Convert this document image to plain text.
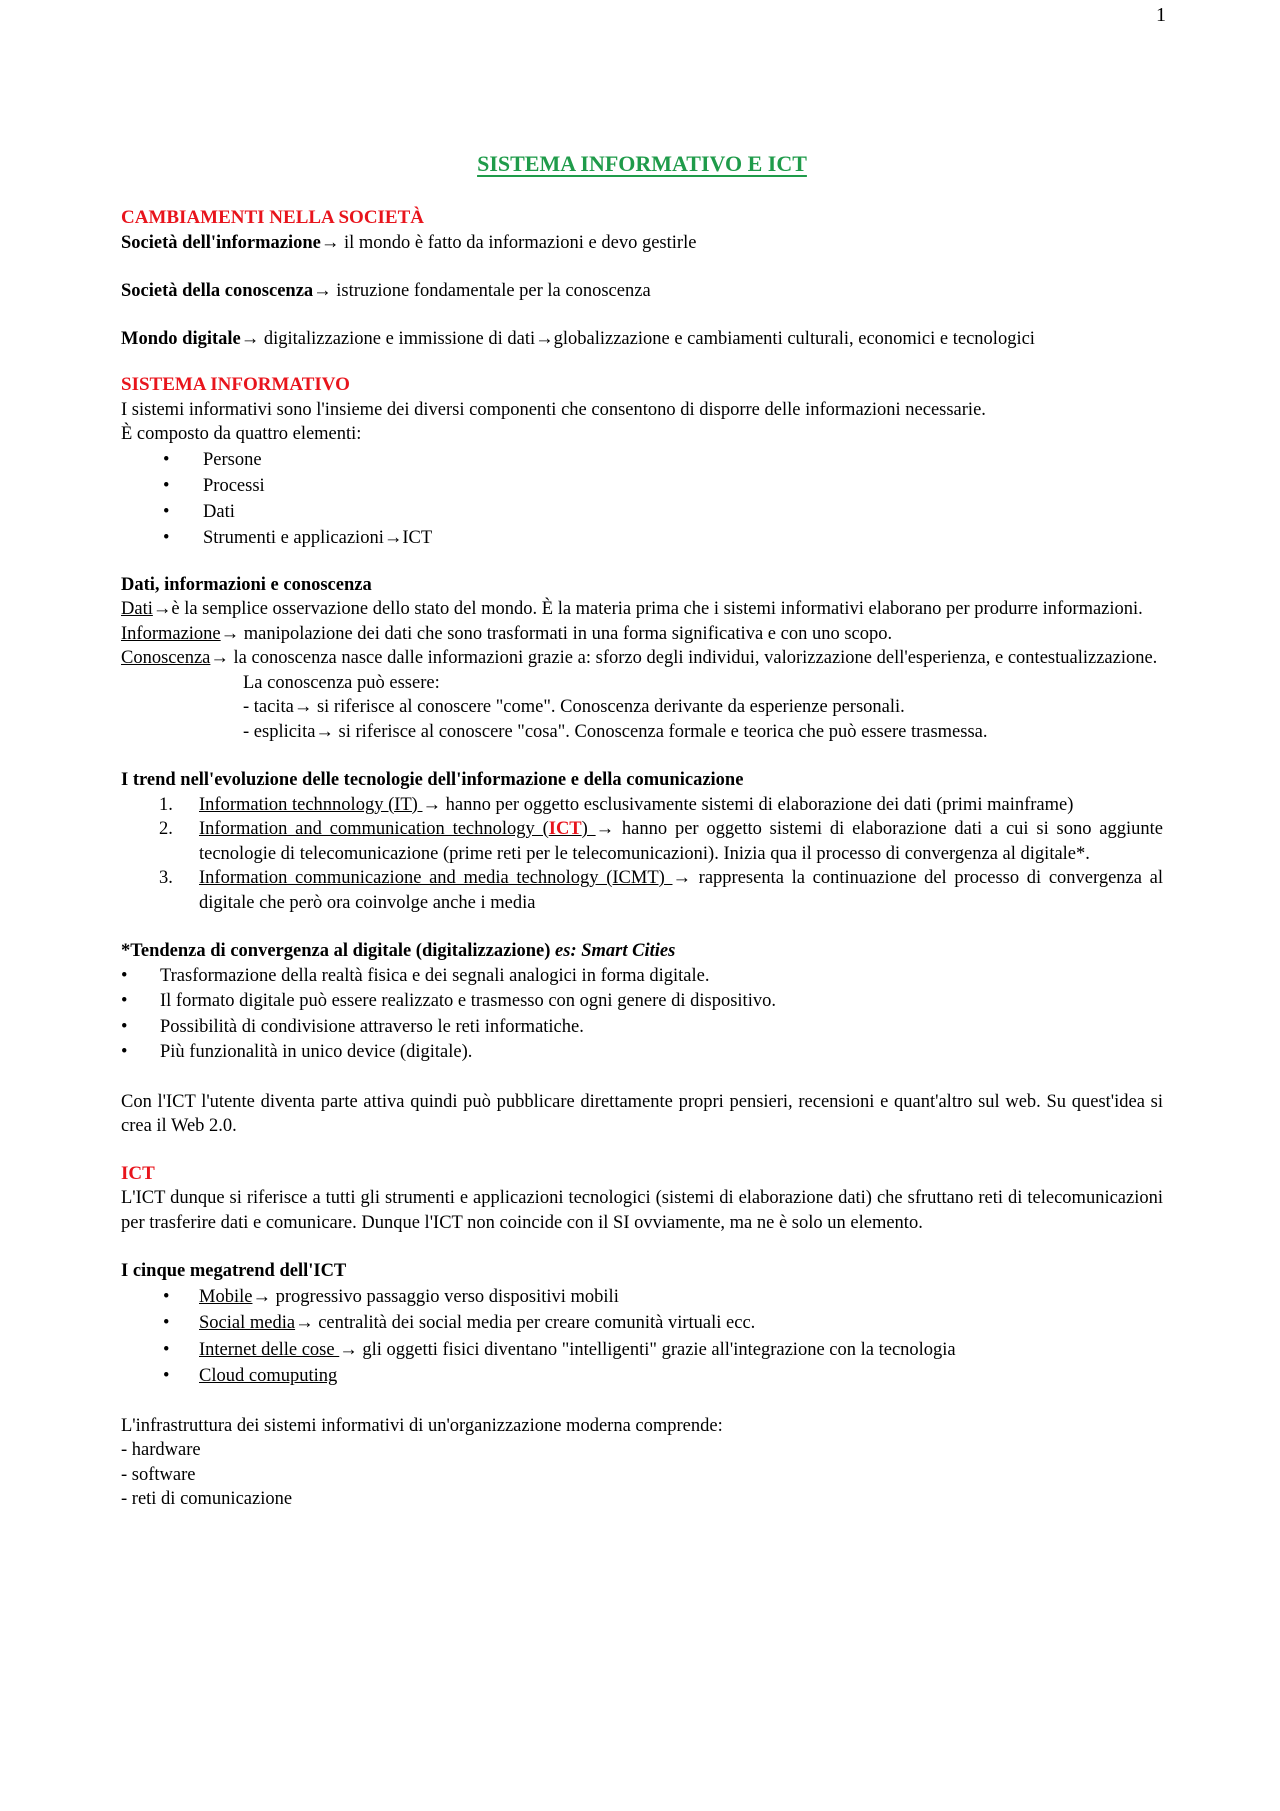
1
SISTEMA INFORMATIVO E ICT
CAMBIAMENTI NELLA SOCIETÀ

Società dell'informazione→ il mondo è fatto da informazioni e devo gestirle

Società della conoscenza→ istruzione fondamentale per la conoscenza

Mondo digitale→ digitalizzazione e immissione di dati→globalizzazione e cambiamenti culturali, economici e tecnologici

SISTEMA INFORMATIVO

I sistemi informativi sono l'insieme dei diversi componenti che consentono di disporre delle informazioni necessarie.

È composto da quattro elementi:

• Persone
• Processi
• Dati
• Strumenti e applicazioni→ICT

Dati, informazioni e conoscenza

Dati→è la semplice osservazione dello stato del mondo. È la materia prima che i sistemi informativi elaborano per produrre informazioni.

Informazione→ manipolazione dei dati che sono trasformati in una forma significativa e con uno scopo.

Conoscenza→ la conoscenza nasce dalle informazioni grazie a: sforzo degli individui, valorizzazione dell'esperienza, e contestualizzazione.

La conoscenza può essere:

- tacita→ si riferisce al conoscere "come". Conoscenza derivante da esperienze personali.

- esplicita→ si riferisce al conoscere "cosa". Conoscenza formale e teorica che può essere trasmessa.

I trend nell'evoluzione delle tecnologie dell'informazione e della comunicazione

1. Information technnology (IT) → hanno per oggetto esclusivamente sistemi di elaborazione dei dati (primi mainframe)
2. Information and communication technology (ICT) → hanno per oggetto sistemi di elaborazione dati a cui si sono aggiunte tecnologie di telecomunicazione (prime reti per le telecomunicazioni). Inizia qua il processo di convergenza al digitale*.
3. Information communicazione and media technology (ICMT) → rappresenta la continuazione del processo di convergenza al digitale che però ora coinvolge anche i media

*Tendenza di convergenza al digitale (digitalizzazione) es: Smart Cities

• Trasformazione della realtà fisica e dei segnali analogici in forma digitale.
• Il formato digitale può essere realizzato e trasmesso con ogni genere di dispositivo.
• Possibilità di condivisione attraverso le reti informatiche.
• Più funzionalità in unico device (digitale).

Con l'ICT l'utente diventa parte attiva quindi può pubblicare direttamente propri pensieri, recensioni e quant'altro sul web. Su quest'idea si crea il Web 2.0.

ICT

L'ICT dunque si riferisce a tutti gli strumenti e applicazioni tecnologici (sistemi di elaborazione dati) che sfruttano reti di telecomunicazioni per trasferire dati e comunicare. Dunque l'ICT non coincide con il SI ovviamente, ma ne è solo un elemento.

I cinque megatrend dell'ICT

• Mobile→ progressivo passaggio verso dispositivi mobili
• Social media→ centralità dei social media per creare comunità virtuali ecc.
• Internet delle cose → gli oggetti fisici diventano "intelligenti" grazie all'integrazione con la tecnologia
• Cloud comuputing

L'infrastruttura dei sistemi informativi di un'organizzazione moderna comprende:

- hardware

- software

- reti di comunicazione
